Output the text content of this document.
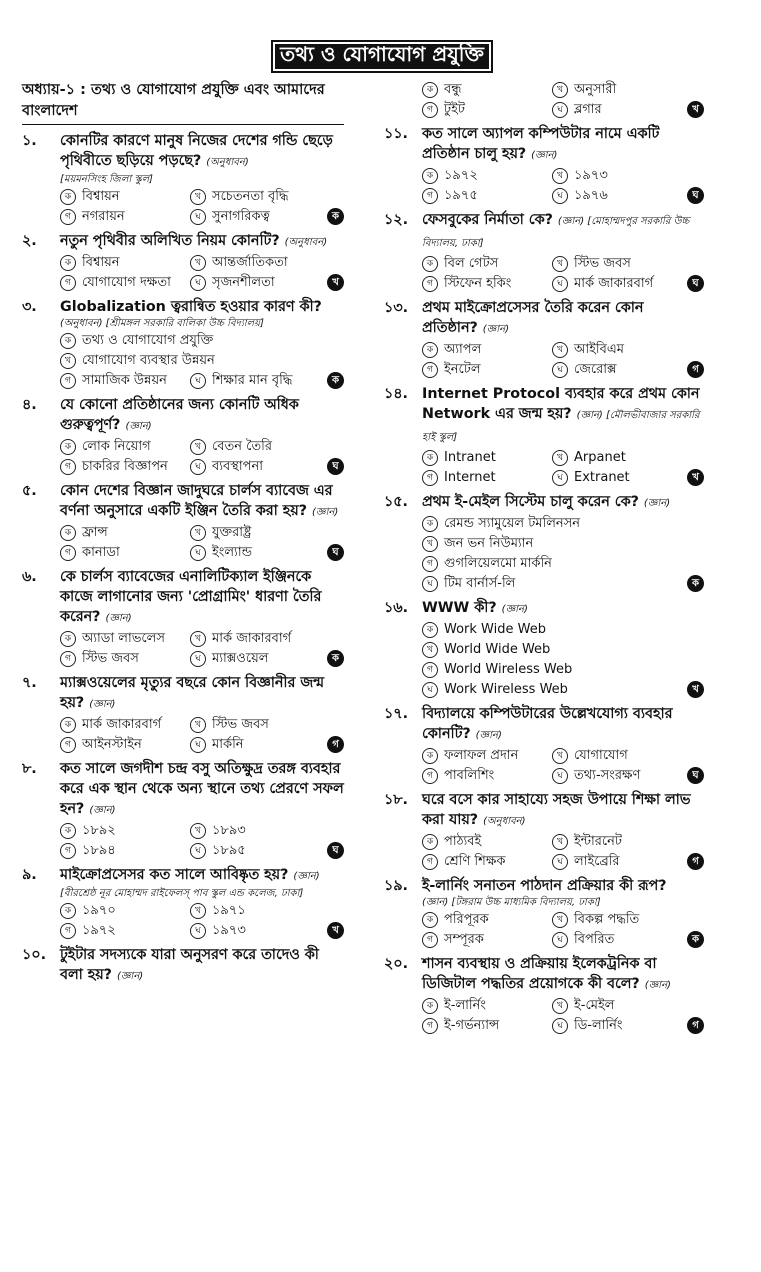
তথ্য ও যোগাযোগ প্রযুক্তি
অধ্যায়-১ : তথ্য ও যোগাযোগ প্রযুক্তি এবং আমাদের বাংলাদেশ
১.	কোনটির কারণে মানুষ নিজের দেশের গন্ডি ছেড়ে পৃথিবীতে ছড়িয়ে পড়ছে? (অনুধাবন)
[ময়মনসিংহ জিলা স্কুল]
ক বিশ্বায়ন	খ সচেতনতা বৃদ্ধি
গ নগরায়ন	ঘ সুনাগরিকত্ব	ক
২.	নতুন পৃথিবীর অলিখিত নিয়ম কোনটি? (অনুধাবন)
ক বিশ্বায়ন	খ আন্তর্জাতিকতা
গ যোগাযোগ দক্ষতা	ঘ সৃজনশীলতা	খ
৩.	Globalization ত্বরান্বিত হওয়ার কারণ কী?
(অনুধাবন) [শ্রীমঙ্গল সরকারি বালিকা উচ্চ বিদ্যালয়]
ক তথ্য ও যোগাযোগ প্রযুক্তি
খ যোগাযোগ ব্যবস্থার উন্নয়ন
গ সামাজিক উন্নয়ন	ঘ শিক্ষার মান বৃদ্ধি	ক
৪.	যে কোনো প্রতিষ্ঠানের জন্য কোনটি অধিক গুরুত্বপূর্ণ? (জ্ঞান)
ক লোক নিয়োগ	খ বেতন তৈরি
গ চাকরির বিজ্ঞাপন	ঘ ব্যবস্থাপনা	ঘ
৫.	কোন দেশের বিজ্ঞান জাদুঘরে চার্লস ব্যাবেজ এর বর্ণনা অনুসারে একটি ইঞ্জিন তৈরি করা হয়? (জ্ঞান)
ক ফ্রান্স	খ যুক্তরাষ্ট্র
গ কানাডা	ঘ ইংল্যান্ড	ঘ
৬.	কে চার্লস ব্যাবেজের এনালিটিক্যাল ইঞ্জিনকে কাজে লাগানোর জন্য 'প্রোগ্রামিং' ধারণা তৈরি করেন? (জ্ঞান)
ক অ্যাডা লাভলেস	খ মার্ক জাকারবার্গ
গ স্টিভ জবস	ঘ ম্যাক্সওয়েল	ক
৭.	ম্যাক্সওয়েলের মৃত্যুর বছরে কোন বিজ্ঞানীর জন্ম হয়? (জ্ঞান)
ক মার্ক জাকারবার্গ	খ স্টিভ জবস
গ আইনস্টাইন	ঘ মার্কনি	গ
৮.	কত সালে জগদীশ চন্দ্র বসু অতিক্ষুদ্র তরঙ্গ ব্যবহার করে এক স্থান থেকে অন্য স্থানে তথ্য প্রেরণে সফল হন? (জ্ঞান)
ক ১৮৯২	খ ১৮৯৩
গ ১৮৯৪	ঘ ১৮৯৫	ঘ
৯.	মাইক্রোপ্রসেসর কত সালে আবিষ্কৃত হয়? (জ্ঞান)
[বীরশ্রেষ্ঠ নূর মোহাম্মদ রাইফেলস্‌ পাব স্কুল এন্ড কলেজ, ঢাকা]
ক ১৯৭০	খ ১৯৭১
গ ১৯৭২	ঘ ১৯৭৩	খ
১০. টুইটার সদস্যকে যারা অনুসরণ করে তাদেও কী বলা হয়? (জ্ঞান)
ক বন্ধু	খ অনুসারী
গ টুইট	ঘ ব্লগার	খ
১১. কত সালে অ্যাপল কম্পিউটার নামে একটি প্রতিষ্ঠান চালু হয়? (জ্ঞান)
ক ১৯৭২	খ ১৯৭৩
গ ১৯৭৫	ঘ ১৯৭৬	ঘ
১২. ফেসবুকের নির্মাতা কে? (জ্ঞান) [মোহাম্মদপুর সরকারি উচ্চ বিদ্যালয়, ঢাকা]
ক বিল গেটস	খ স্টিভ জবস
গ স্টিফেন হকিং	ঘ মার্ক জাকারবার্গ	ঘ
১৩. প্রথম মাইক্রোপ্রসেসর তৈরি করেন কোন প্রতিষ্ঠান? (জ্ঞান)
ক অ্যাপল	খ আইবিএম
গ ইনটেল	ঘ জেরোক্স	গ
১৪. Internet Protocol ব্যবহার করে প্রথম কোন Network এর জন্ম হয়? (জ্ঞান) [মৌলভীবাজার সরকারি হাই স্কুল]
ক Intranet	খ Arpanet
গ Internet	ঘ Extranet	খ
১৫. প্রথম ই-মেইল সিস্টেম চালু করেন কে? (জ্ঞান)
ক রেমন্ড স্যামুয়েল টমলিনসন
খ জন ভন নিউম্যান
গ গুগলিয়েলমো মার্কনি
ঘ টিম বার্নার্স-লি	ক
১৬. WWW কী? (জ্ঞান)
ক Work Wide Web
খ World Wide Web
গ World Wireless Web
ঘ Work Wireless Web	খ
১৭. বিদ্যালয়ে কম্পিউটারের উল্লেখযোগ্য ব্যবহার কোনটি? (জ্ঞান)
ক ফলাফল প্রদান	খ যোগাযোগ
গ পাবলিশিং	ঘ তথ্য-সংরক্ষণ	ঘ
১৮. ঘরে বসে কার সাহায্যে সহজ উপায়ে শিক্ষা লাভ করা যায়? (অনুধাবন)
ক পাঠ্যবই	খ ইন্টারনেট
গ শ্রেণি শিক্ষক	ঘ লাইব্রেরি	গ
১৯. ই-লার্নিং সনাতন পাঠদান প্রক্রিয়ার কী রূপ?
(জ্ঞান) [টঙ্গরাম উচ্চ মাধ্যমিক বিদ্যালয়, ঢাকা]
ক পরিপূরক	খ বিকল্প পদ্ধতি
গ সম্পূরক	ঘ বিপরিত	ক
২০. শাসন ব্যবস্থায় ও প্রক্রিয়ায় ইলেকট্রনিক বা ডিজিটাল পদ্ধতির প্রয়োগকে কী বলে? (জ্ঞান)
ক ই-লার্নিং	খ ই-মেইল
গ ই-গর্ভন্যান্স	ঘ ডি-লার্নিং	গ
